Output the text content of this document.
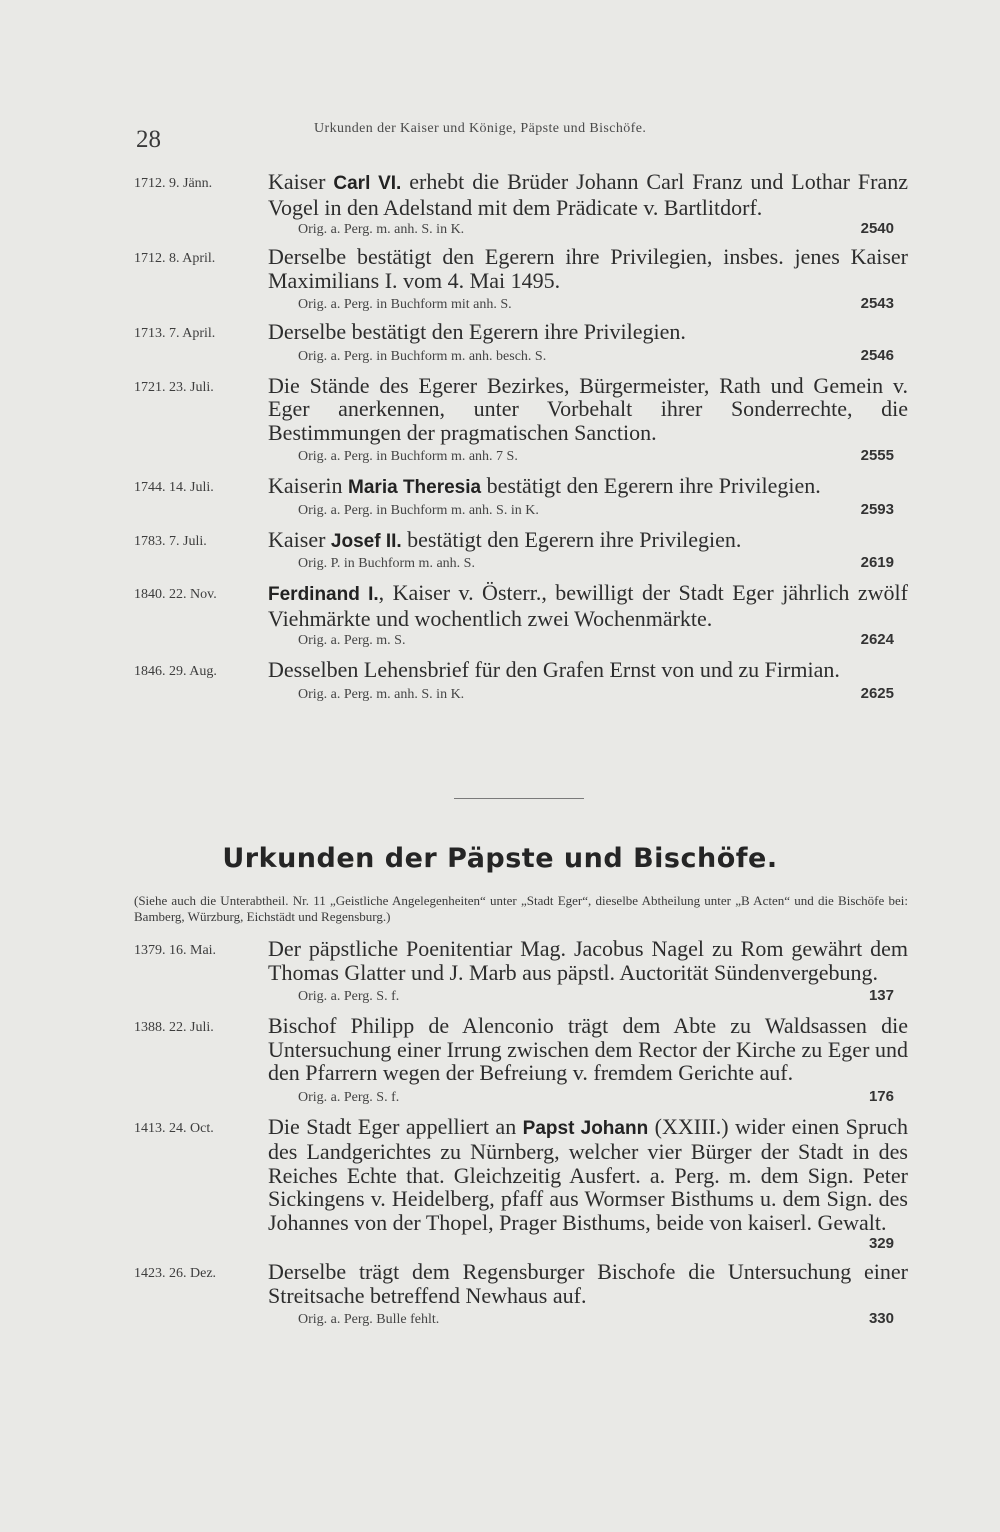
28	Urkunden der Kaiser und Könige, Päpste und Bischöfe.
1712. 9. Jänn.	Kaiser Carl VI. erhebt die Brüder Johann Carl Franz und Lothar Franz Vogel in den Adelstand mit dem Prädicate v. Bartlitdorf.

Orig. a. Perg. m. anh. S. in K.	2540
1712. 8. April.	Derselbe bestätigt den Egerern ihre Privilegien, insbes. jenes Kaiser Maximilians I. vom 4. Mai 1495.

Orig. a. Perg. in Buchform mit anh. S.	2543
1713. 7. April.	Derselbe bestätigt den Egerern ihre Privilegien.

Orig. a. Perg. in Buchform m. anh. besch. S.	2546
1721. 23. Juli.	Die Stände des Egerer Bezirkes, Bürgermeister, Rath und Gemein v. Eger anerkennen, unter Vorbehalt ihrer Sonderrechte, die Bestimmungen der pragmatischen Sanction.

Orig. a. Perg. in Buchform m. anh. 7 S.	2555
1744. 14. Juli.	Kaiserin Maria Theresia bestätigt den Egerern ihre Privilegien.

Orig. a. Perg. in Buchform m. anh. S. in K.	2593
1783. 7. Juli.	Kaiser Josef II. bestätigt den Egerern ihre Privilegien.

Orig. P. in Buchform m. anh. S.	2619
1840. 22. Nov.	Ferdinand I., Kaiser v. Österr., bewilligt der Stadt Eger jährlich zwölf Viehmärkte und wochentlich zwei Wochenmärkte.

Orig. a. Perg. m. S.	2624
1846. 29. Aug.	Desselben Lehensbrief für den Grafen Ernst von und zu Firmian.

Orig. a. Perg. m. anh. S. in K.	2625
Urkunden der Päpste und Bischöfe.
(Siehe auch die Unterabtheil. Nr. 11 „Geistliche Angelegenheiten“ unter „Stadt Eger“, dieselbe Abtheilung unter „B Acten“ und die Bischöfe bei: Bamberg, Würzburg, Eichstädt und Regensburg.)
1379. 16. Mai.	Der päpstliche Poenitentiar Mag. Jacobus Nagel zu Rom gewährt dem Thomas Glatter und J. Marb aus päpstl. Auctorität Sündenvergebung.

Orig. a. Perg. S. f.	137
1388. 22. Juli.	Bischof Philipp de Alenconio trägt dem Abte zu Waldsassen die Untersuchung einer Irrung zwischen dem Rector der Kirche zu Eger und den Pfarrern wegen der Befreiung v. fremdem Gerichte auf.

Orig. a. Perg. S. f.	176
1413. 24. Oct.	Die Stadt Eger appelliert an Papst Johann (XXIII.) wider einen Spruch des Landgerichtes zu Nürnberg, welcher vier Bürger der Stadt in des Reiches Echte that. Gleichzeitig Ausfert. a. Perg. m. dem Sign. Peter Sickingens v. Heidelberg, pfaff aus Wormser Bisthums u. dem Sign. des Johannes von der Thopel, Prager Bisthums, beide von kaiserl. Gewalt.

329
1423. 26. Dez.	Derselbe trägt dem Regensburger Bischofe die Untersuchung einer Streitsache betreffend Newhaus auf.

Orig. a. Perg. Bulle fehlt.	330
